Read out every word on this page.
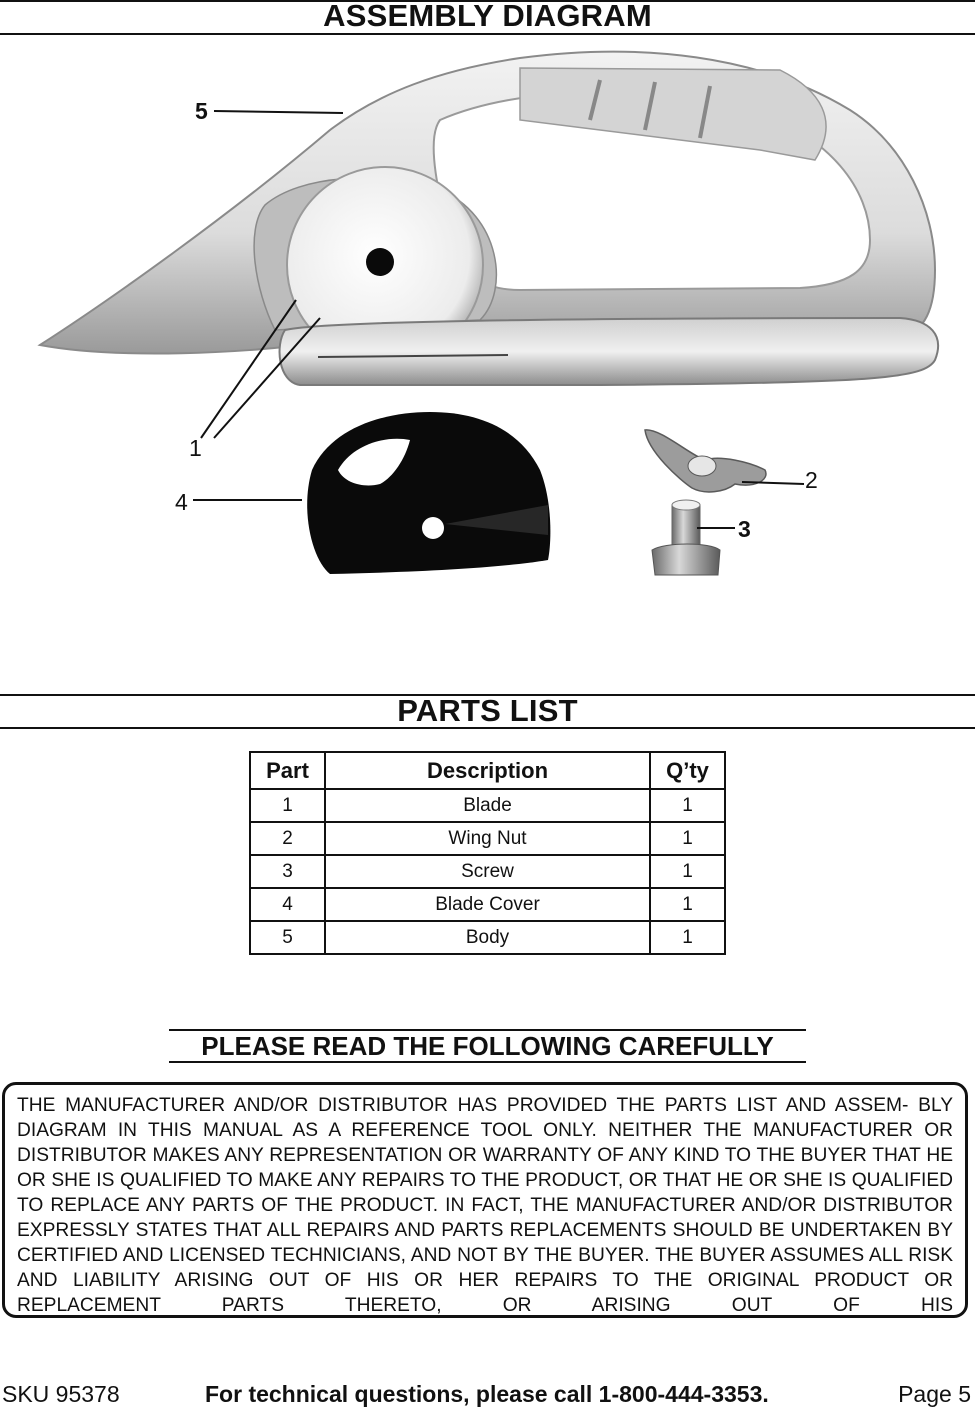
ASSEMBLY DIAGRAM
5
1
4
2
3
PARTS LIST
Part	Description	Q’ty
1	Blade	1
2	Wing Nut	1
3	Screw	1
4	Blade Cover	1
5	Body	1
PLEASE READ THE FOLLOWING CAREFULLY

THE MANUFACTURER AND/OR DISTRIBUTOR HAS PROVIDED THE PARTS LIST AND ASSEM- BLY DIAGRAM IN THIS MANUAL AS A REFERENCE TOOL ONLY. NEITHER THE MANUFACTURER OR DISTRIBUTOR MAKES ANY REPRESENTATION OR WARRANTY OF ANY KIND TO THE BUYER THAT HE OR SHE IS QUALIFIED TO MAKE ANY REPAIRS TO THE PRODUCT, OR THAT HE OR SHE IS QUALIFIED TO REPLACE ANY PARTS OF THE PRODUCT. IN FACT, THE MANUFACTURER AND/OR DISTRIBUTOR EXPRESSLY STATES THAT ALL REPAIRS AND PARTS REPLACEMENTS SHOULD BE UNDERTAKEN BY CERTIFIED AND LICENSED TECHNICIANS, AND NOT BY THE BUYER. THE BUYER ASSUMES ALL RISK AND LIABILITY ARISING OUT OF HIS OR HER REPAIRS TO THE ORIGINAL PRODUCT OR REPLACEMENT PARTS THERETO, OR ARISING OUT OF HIS

SKU 95378	For technical questions, please call 1-800-444-3353.	Page 5
